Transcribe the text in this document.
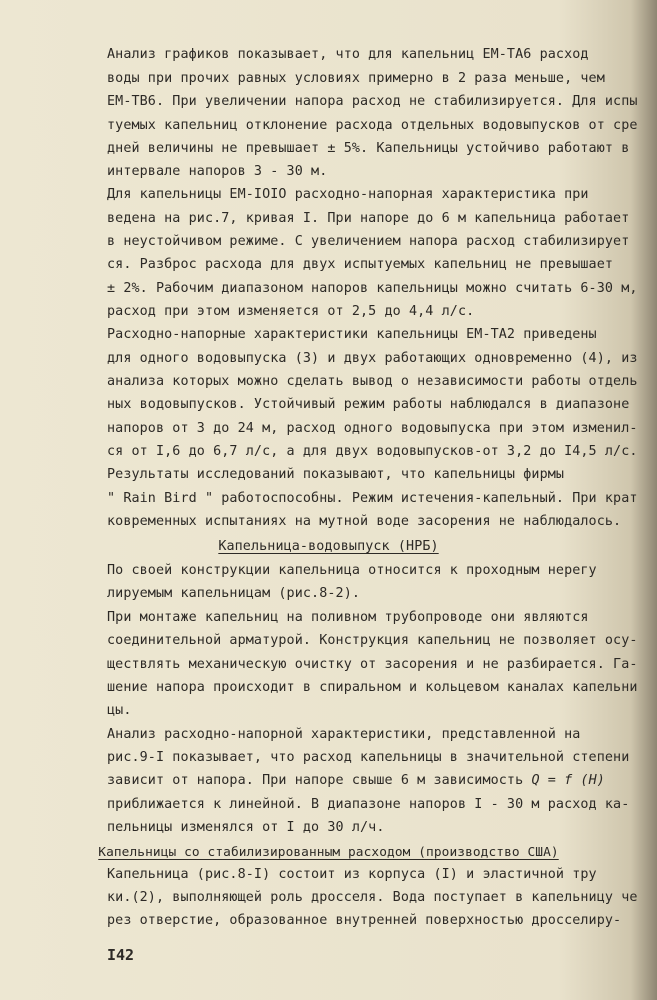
Анализ графиков показывает, что для капельниц ЕМ-ТА6 расход
воды при прочих равных условиях примерно в 2 раза меньше, чем
ЕМ-ТВ6. При увеличении напора расход не стабилизируется. Для испы
туемых капельниц отклонение расхода отдельных водовыпусков от сре
дней величины не превышает ± 5%. Капельницы устойчиво работают в
интервале напоров 3 - 30 м.
Для капельницы ЕМ-IOIO расходно-напорная характеристика при
ведена на рис.7, кривая I. При напоре до 6 м капельница работает
в неустойчивом режиме. С увеличением напора расход стабилизирует
ся. Разброс расхода для двух испытуемых капельниц не превышает
± 2%. Рабочим диапазоном напоров капельницы можно считать 6-30 м,
расход при этом изменяется от 2,5 до 4,4 л/с.
Расходно-напорные характеристики капельницы ЕМ-ТА2 приведены
для одного водовыпуска (3) и двух работающих одновременно (4), из
анализа которых можно сделать вывод о независимости работы отдель
ных водовыпусков. Устойчивый режим работы наблюдался в диапазоне
напоров от 3 до 24 м, расход одного водовыпуска при этом изменил-
ся от I,6 до 6,7 л/с, а для двух водовыпусков-от 3,2 до I4,5 л/с.
Результаты исследований показывают, что капельницы фирмы
" Rain Bird " работоспособны. Режим истечения-капельный. При крат
ковременных испытаниях на мутной воде засорения не наблюдалось.
Капельница-водовыпуск (НРБ)
По своей конструкции капельница относится к проходным нерегу
лируемым капельницам (рис.8-2).
При монтаже капельниц на поливном трубопроводе они являются
соединительной арматурой. Конструкция капельниц не позволяет осу-
ществлять механическую очистку от засорения и не разбирается. Га-
шение напора происходит в спиральном и кольцевом каналах капельни
цы.
Анализ расходно-напорной характеристики, представленной на
рис.9-I показывает, что расход капельницы в значительной степени
зависит от напора. При напоре свыше 6 м зависимость Q = f (H)
приближается к линейной. В диапазоне напоров I - 30 м расход ка-
пельницы изменялся от I до 30 л/ч.
Капельницы со стабилизированным расходом (производство США)
Капельница (рис.8-I) состоит из корпуса (I) и эластичной тру
ки.(2), выполняющей роль дросселя. Вода поступает в капельницу че
рез отверстие, образованное внутренней поверхностью дросселиру-
I42
